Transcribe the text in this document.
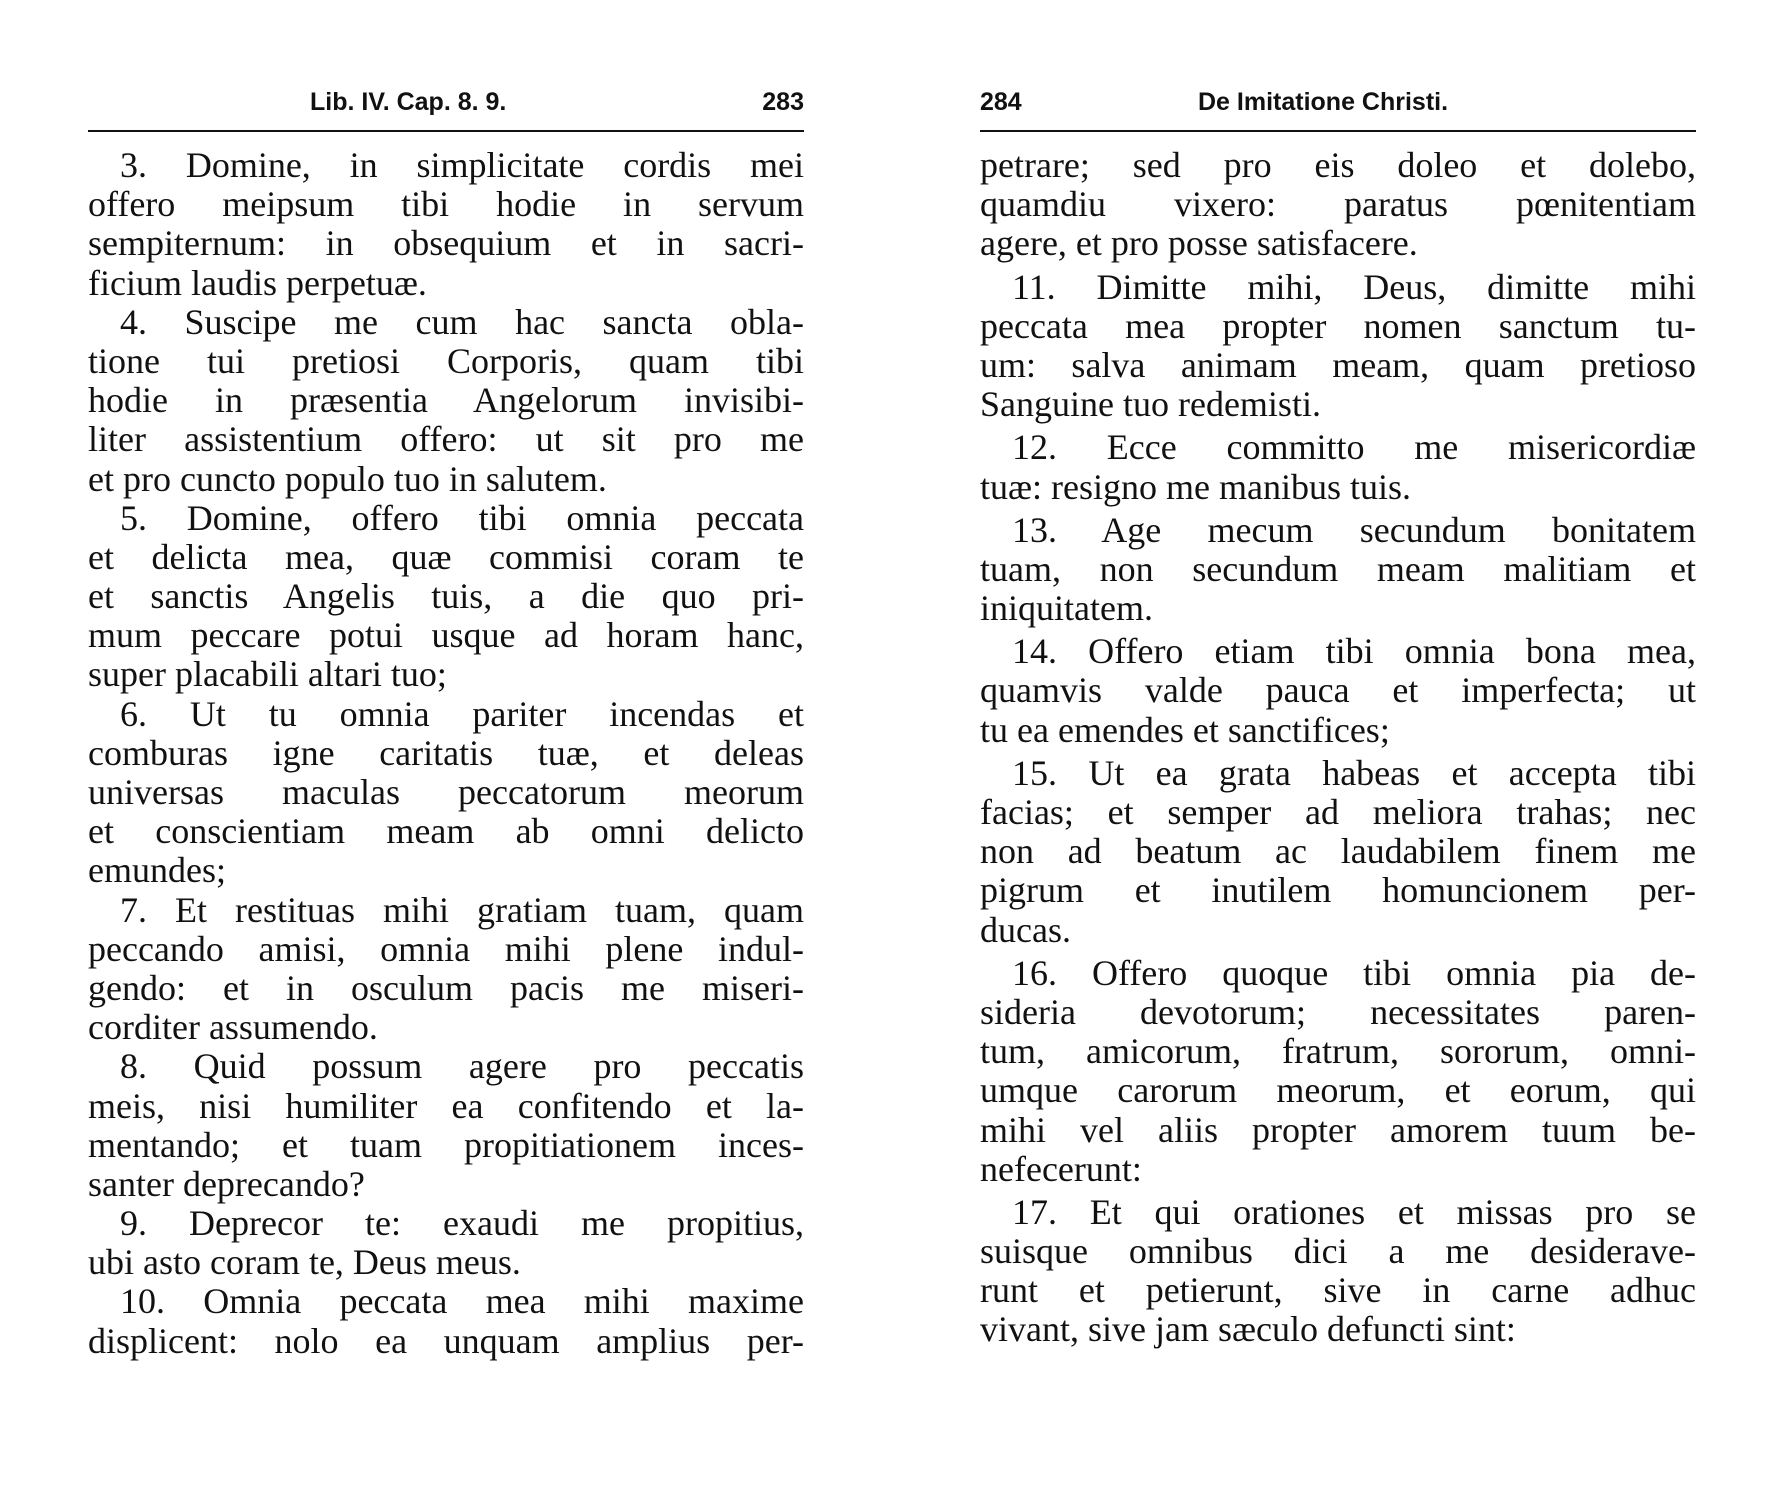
Lib. IV. Cap. 8. 9.	283
3. Domine, in simplicitate cordis mei
offero meipsum tibi hodie in servum
sempiternum: in obsequium et in sacri-
ficium laudis perpetuæ.
4. Suscipe me cum hac sancta obla-
tione tui pretiosi Corporis, quam tibi
hodie in præsentia Angelorum invisibi-
liter assistentium offero: ut sit pro me
et pro cuncto populo tuo in salutem.
5. Domine, offero tibi omnia peccata
et delicta mea, quæ commisi coram te
et sanctis Angelis tuis, a die quo pri-
mum peccare potui usque ad horam hanc,
super placabili altari tuo;
6. Ut tu omnia pariter incendas et
comburas igne caritatis tuæ, et deleas
universas maculas peccatorum meorum
et conscientiam meam ab omni delicto
emundes;
7. Et restituas mihi gratiam tuam, quam
peccando amisi, omnia mihi plene indul-
gendo: et in osculum pacis me miseri-
corditer assumendo.
8. Quid possum agere pro peccatis
meis, nisi humiliter ea confitendo et la-
mentando; et tuam propitiationem inces-
santer deprecando?
9. Deprecor te: exaudi me propitius,
ubi asto coram te, Deus meus.
10. Omnia peccata mea mihi maxime
displicent: nolo ea unquam amplius per-
284	De Imitatione Christi.
petrare; sed pro eis doleo et dolebo,
quamdiu vixero: paratus pœnitentiam
agere, et pro posse satisfacere.
11. Dimitte mihi, Deus, dimitte mihi
peccata mea propter nomen sanctum tu-
um: salva animam meam, quam pretioso
Sanguine tuo redemisti.
12. Ecce committo me misericordiæ
tuæ: resigno me manibus tuis.
13. Age mecum secundum bonitatem
tuam, non secundum meam malitiam et
iniquitatem.
14. Offero etiam tibi omnia bona mea,
quamvis valde pauca et imperfecta; ut
tu ea emendes et sanctifices;
15. Ut ea grata habeas et accepta tibi
facias; et semper ad meliora trahas; nec
non ad beatum ac laudabilem finem me
pigrum et inutilem homuncionem per-
ducas.
16. Offero quoque tibi omnia pia de-
sideria devotorum; necessitates paren-
tum, amicorum, fratrum, sororum, omni-
umque carorum meorum, et eorum, qui
mihi vel aliis propter amorem tuum be-
nefecerunt:
17. Et qui orationes et missas pro se
suisque omnibus dici a me desiderave-
runt et petierunt, sive in carne adhuc
vivant, sive jam sæculo defuncti sint:
